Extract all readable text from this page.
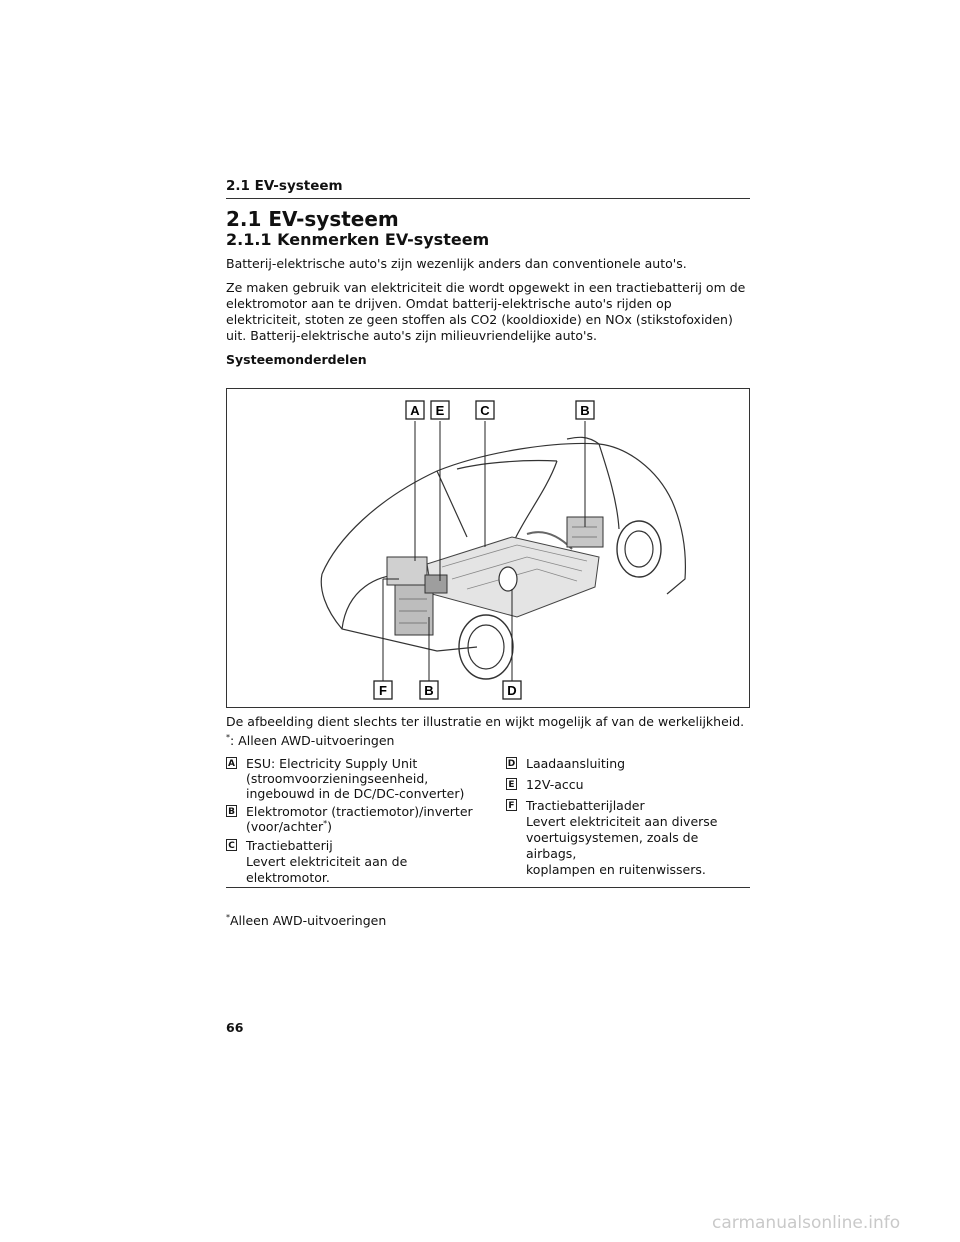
2.1 EV-systeem
2.1 EV-systeem
2.1.1 Kenmerken EV-systeem
Batterij-elektrische auto's zijn wezenlijk anders dan conventionele auto's.
Ze maken gebruik van elektriciteit die wordt opgewekt in een tractiebatterij om de elektromotor aan te drijven. Omdat batterij-elektrische auto's rijden op elektriciteit, stoten ze geen stoffen als CO2 (kooldioxide) en NOx (stikstofoxiden) uit. Batterij-elektrische auto's zijn milieuvriendelijke auto's.
Systeemonderdelen
A E	C	B
F	B	D
De afbeelding dient slechts ter illustratie en wijkt mogelijk af van de werkelijkheid.
*: Alleen AWD-uitvoeringen
A ESU: Electricity Supply Unit
(stroomvoorzieningseenheid,
ingebouwd in de DC/DC-converter)
B Elektromotor (tractiemotor)/inverter
(voor/achter*)
C Tractiebatterij
Levert elektriciteit aan de
elektromotor.
D Laadaansluiting
E 12V-accu
F Tractiebatterijlader
Levert elektriciteit aan diverse
voertuigsystemen, zoals de airbags,
koplampen en ruitenwissers.
*Alleen AWD-uitvoeringen
66
carmanualsonline.info
